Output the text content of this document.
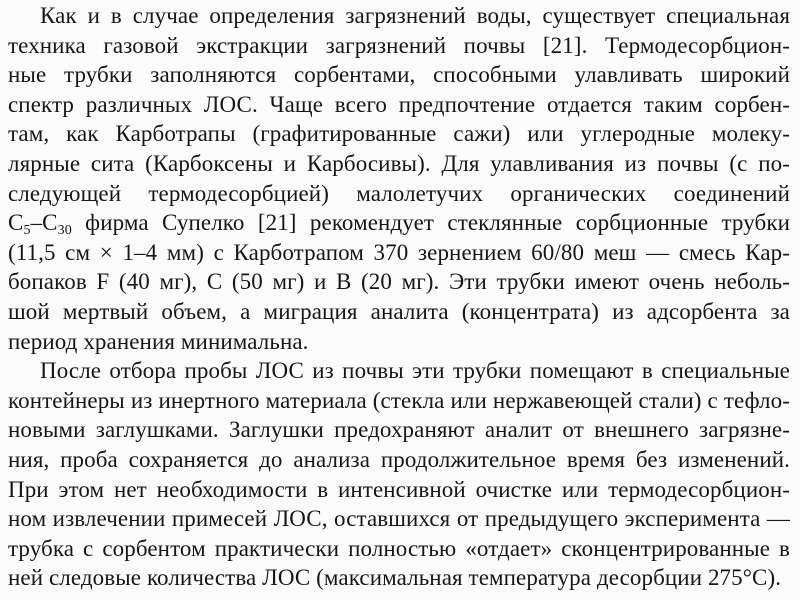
Как и в случае определения загрязнений воды, существует специальная
техника газовой экстракции загрязнений почвы [21]. Термодесорбцион-
ные трубки заполняются сорбентами, способными улавливать широкий
спектр различных ЛОС. Чаще всего предпочтение отдается таким сорбен-
там, как Карботрапы (графитированные сажи) или углеродные молеку-
лярные сита (Карбоксены и Карбосивы). Для улавливания из почвы (с по-
следующей термодесорбцией) малолетучих органических соединений
$C_5-C_{30}$ фирма Супелко [21] рекомендует стеклянные сорбционные трубки
(11,5 см × 1–4 мм) с Карботрапом 370 зернением 60/80 меш — смесь Кар-
бопаков F (40 мг), C (50 мг) и B (20 мг). Эти трубки имеют очень неболь-
шой мертвый объем, а миграция аналита (концентрата) из адсорбента за
период хранения минимальна.
После отбора пробы ЛОС из почвы эти трубки помещают в специальные
контейнеры из инертного материала (стекла или нержавеющей стали) с тефло-
новыми заглушками. Заглушки предохраняют аналит от внешнего загрязне-
ния, проба сохраняется до анализа продолжительное время без изменений.
При этом нет необходимости в интенсивной очистке или термодесорбцион-
ном извлечении примесей ЛОС, оставшихся от предыдущего эксперимента —
трубка с сорбентом практически полностью «отдает» сконцентрированные в
ней следовые количества ЛОС (максимальная температура десорбции 275°C).
